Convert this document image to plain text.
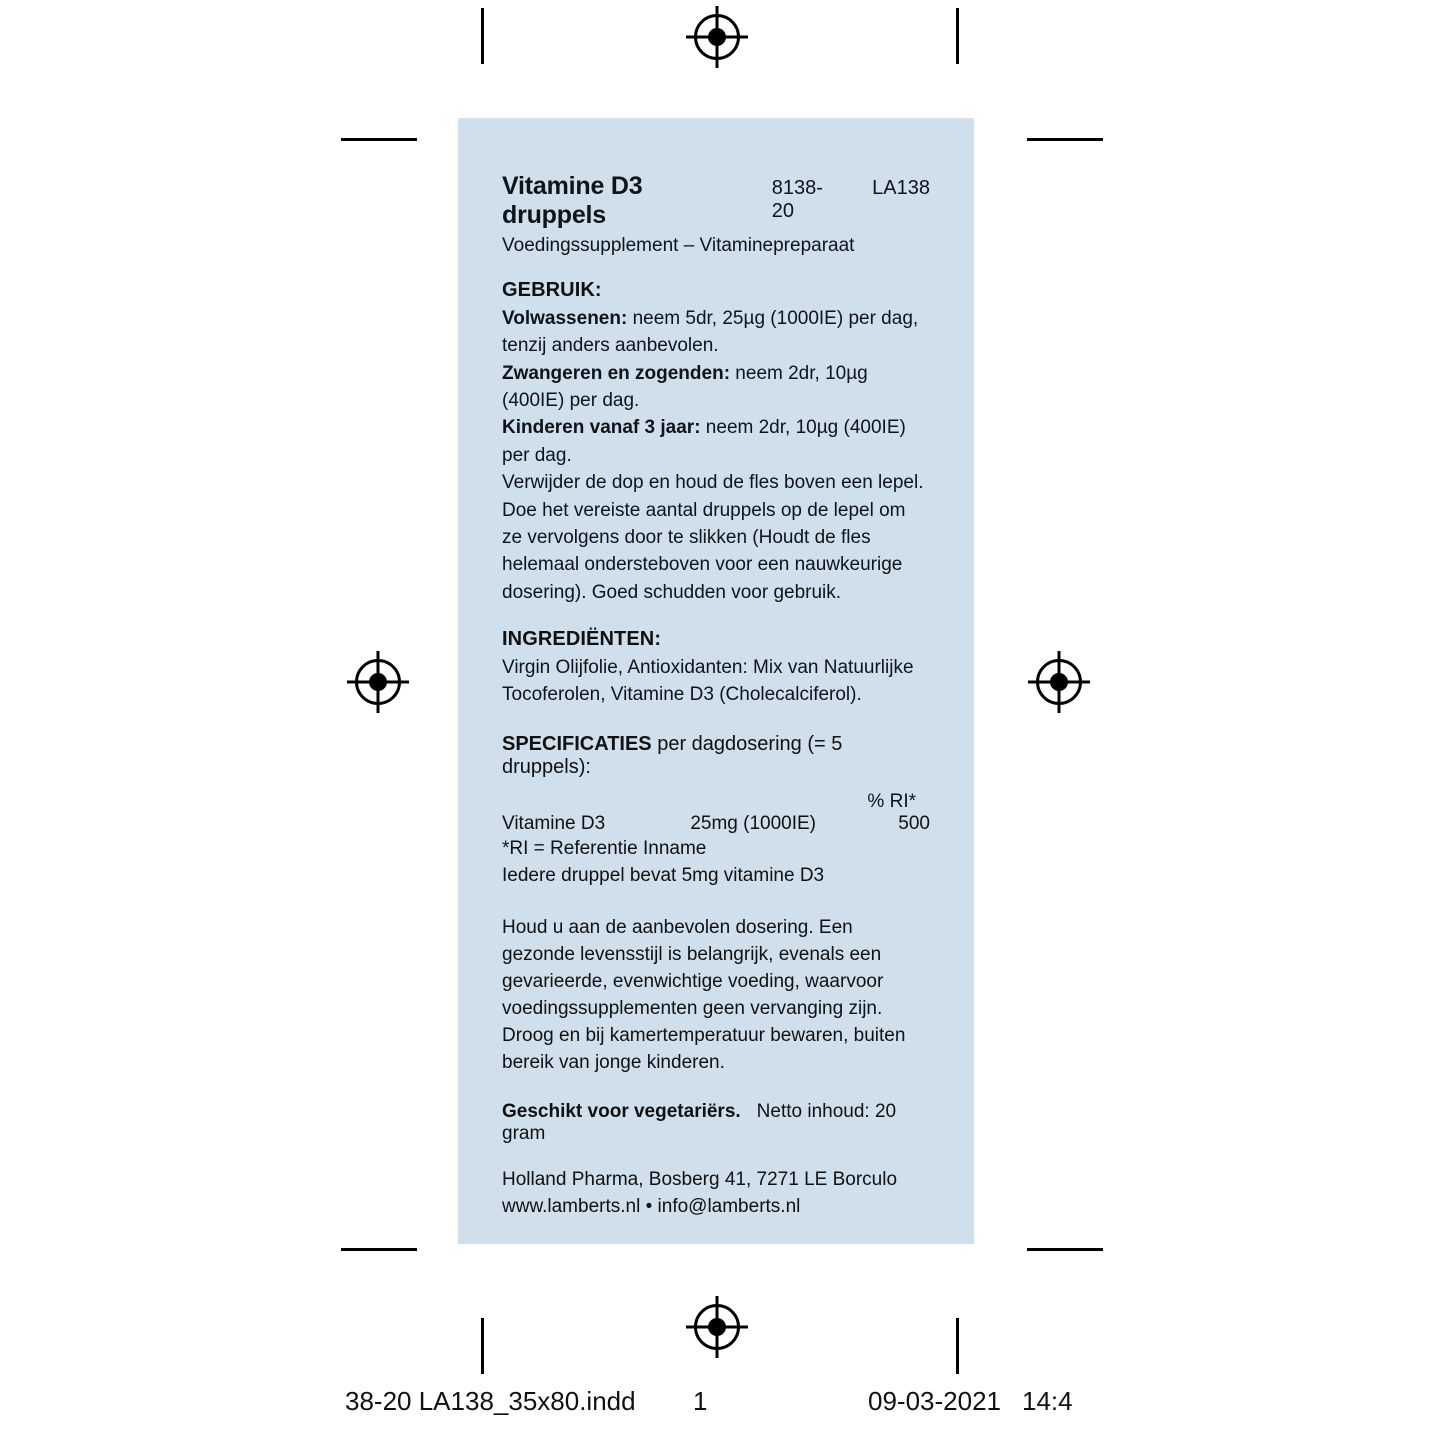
Vitamine D3 druppels
8138-20
LA138
Voedingssupplement – Vitaminepreparaat
GEBRUIK:

Volwassenen: neem 5dr, 25µg (1000IE) per dag, tenzij anders aanbevolen.

Zwangeren en zogenden: neem 2dr, 10µg (400IE) per dag.

Kinderen vanaf 3 jaar: neem 2dr, 10µg (400IE) per dag.

Verwijder de dop en houd de fles boven een lepel. Doe het vereiste aantal druppels op de lepel om ze vervolgens door te slikken (Houdt de fles helemaal ondersteboven voor een nauwkeurige dosering). Goed schudden voor gebruik.

INGREDIËNTEN:
Virgin Olijfolie, Antioxidanten: Mix van Natuurlijke Tocoferolen, Vitamine D3 (Cholecalciferol).
SPECIFICATIES per dagdosering (= 5 druppels):
% RI*
Vitamine D3	25mg (1000IE)	500
*RI = Referentie Inname
Iedere druppel bevat 5mg vitamine D3
Houd u aan de aanbevolen dosering. Een gezonde levensstijl is belangrijk, evenals een gevarieerde, evenwichtige voeding, waarvoor voedingssupplementen geen vervanging zijn. Droog en bij kamertemperatuur bewaren, buiten bereik van jonge kinderen.
Geschikt voor vegetariërs. Netto inhoud: 20 gram
Holland Pharma, Bosberg 41, 7271 LE Borculo
www.lamberts.nl • info@lamberts.nl
38-20 LA138_35x80.indd 1	09-03-2021 14:4
